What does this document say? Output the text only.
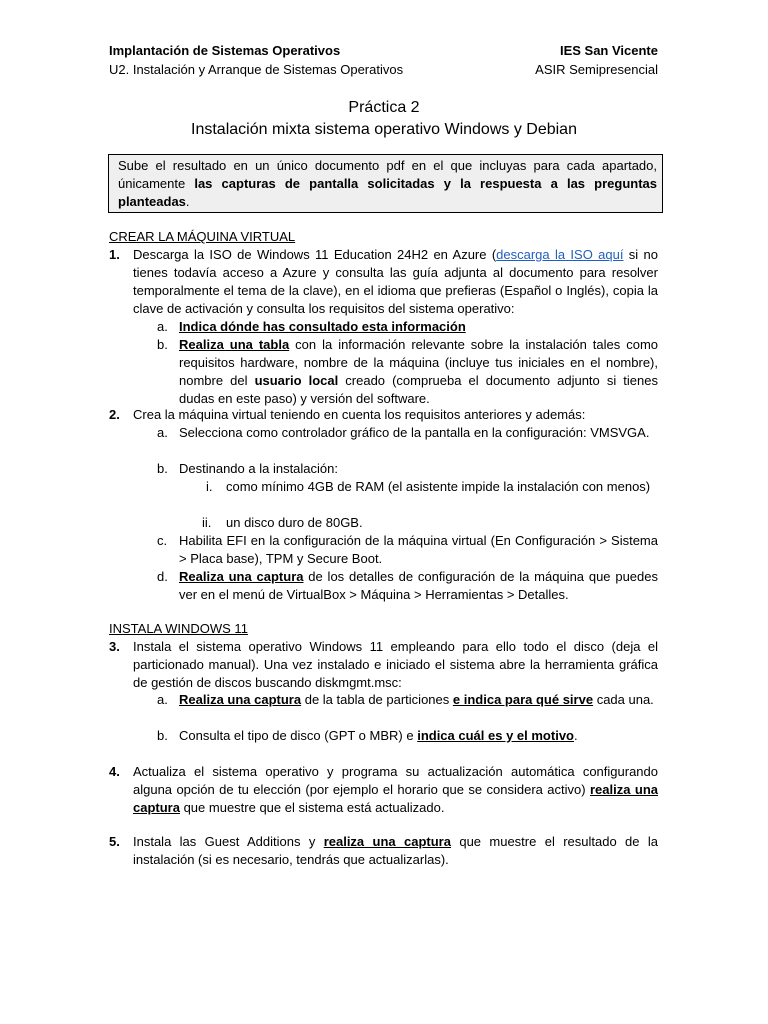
Implantación de Sistemas Operativos	IES San Vicente
U2. Instalación y Arranque de Sistemas Operativos	ASIR Semipresencial
Práctica 2
Instalación mixta sistema operativo Windows y Debian
Sube el resultado en un único documento pdf en el que incluyas para cada apartado, únicamente las capturas de pantalla solicitadas y la respuesta a las preguntas planteadas.
CREAR LA MÁQUINA VIRTUAL
1. Descarga la ISO de Windows 11 Education 24H2 en Azure (descarga la ISO aquí si no tienes todavía acceso a Azure y consulta las guía adjunta al documento para resolver temporalmente el tema de la clave), en el idioma que prefieras (Español o Inglés), copia la clave de activación y consulta los requisitos del sistema operativo:
a. Indica dónde has consultado esta información
b. Realiza una tabla con la información relevante sobre la instalación tales como requisitos hardware, nombre de la máquina (incluye tus iniciales en el nombre), nombre del usuario local creado (comprueba el documento adjunto si tienes dudas en este paso) y versión del software.
2. Crea la máquina virtual teniendo en cuenta los requisitos anteriores y además:
a. Selecciona como controlador gráfico de la pantalla en la configuración: VMSVGA.
b. Destinando a la instalación:
i. como mínimo 4GB de RAM (el asistente impide la instalación con menos)
ii. un disco duro de 80GB.
c. Habilita EFI en la configuración de la máquina virtual (En Configuración > Sistema > Placa base), TPM y Secure Boot.
d. Realiza una captura de los detalles de configuración de la máquina que puedes ver en el menú de VirtualBox > Máquina > Herramientas > Detalles.
INSTALA WINDOWS 11
3. Instala el sistema operativo Windows 11 empleando para ello todo el disco (deja el particionado manual). Una vez instalado e iniciado el sistema abre la herramienta gráfica de gestión de discos buscando diskmgmt.msc:
a. Realiza una captura de la tabla de particiones e indica para qué sirve cada una.
b. Consulta el tipo de disco (GPT o MBR) e indica cuál es y el motivo.
4. Actualiza el sistema operativo y programa su actualización automática configurando alguna opción de tu elección (por ejemplo el horario que se considera activo) realiza una captura que muestre que el sistema está actualizado.
5. Instala las Guest Additions y realiza una captura que muestre el resultado de la instalación (si es necesario, tendrás que actualizarlas).
